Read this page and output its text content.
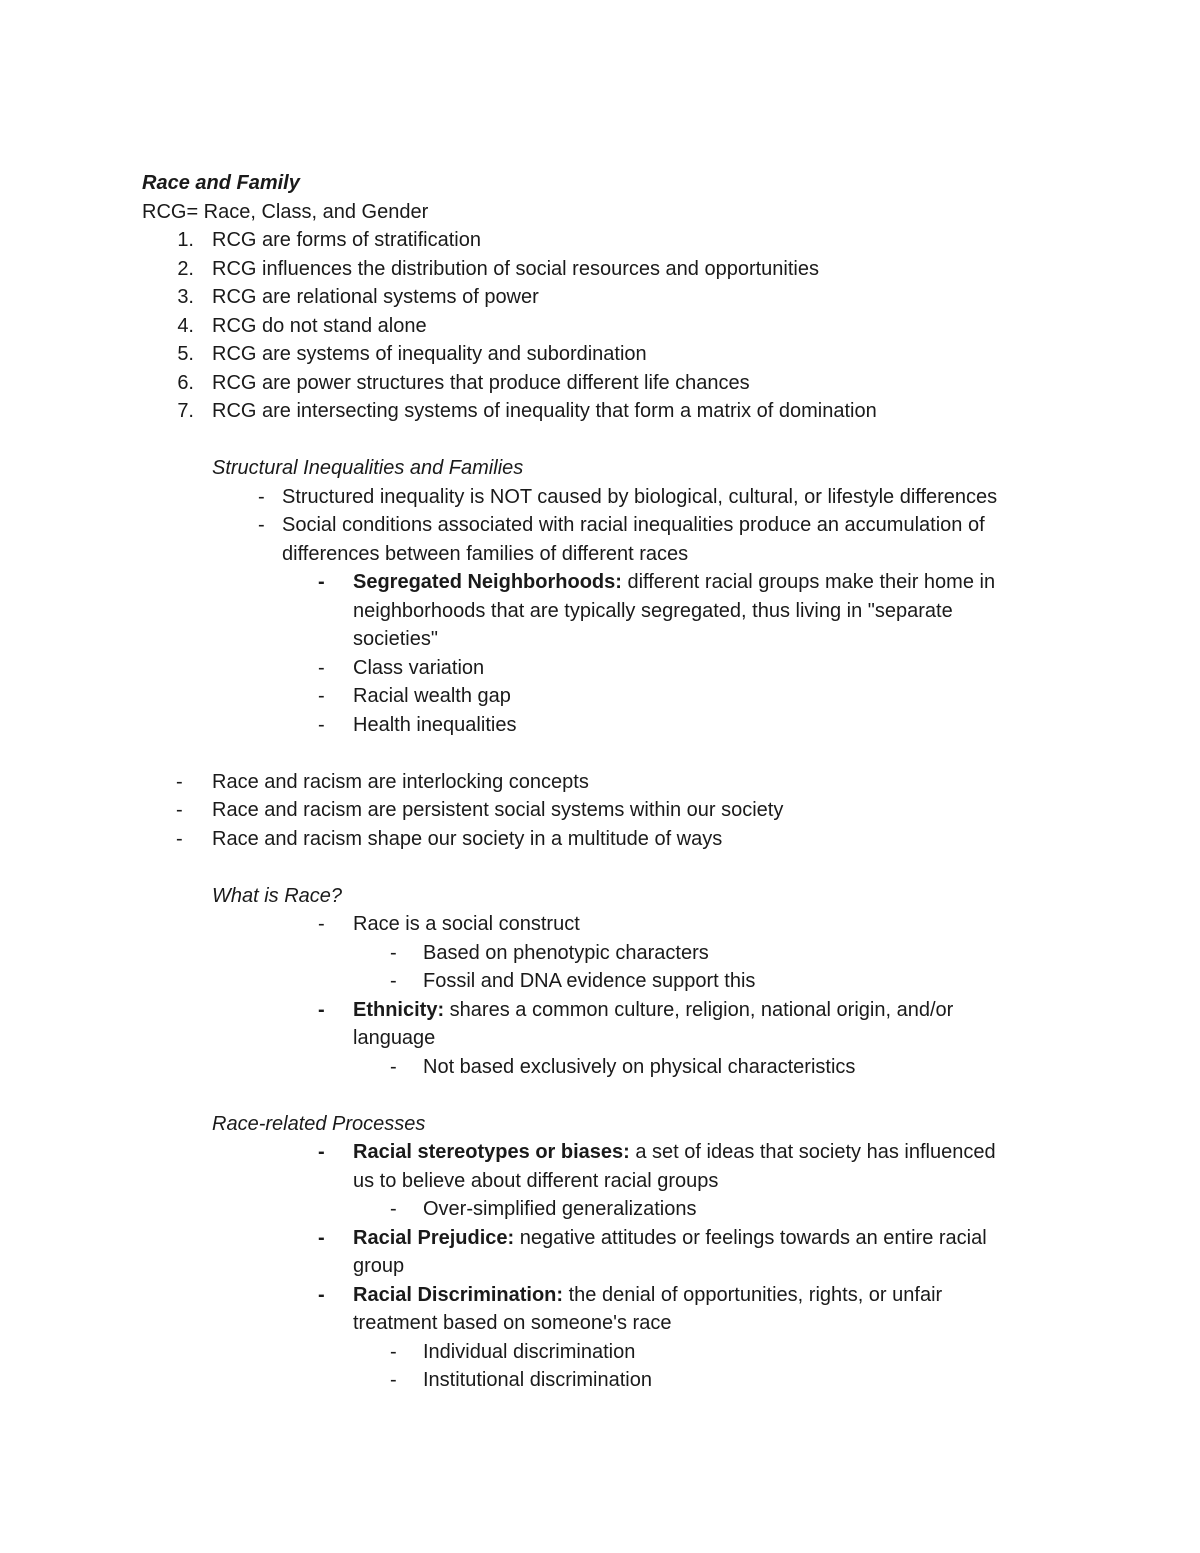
Race and Family
RCG= Race, Class, and Gender
1. RCG are forms of stratification
2. RCG influences the distribution of social resources and opportunities
3. RCG are relational systems of power
4. RCG do not stand alone
5. RCG are systems of inequality and subordination
6. RCG are power structures that produce different life chances
7. RCG are intersecting systems of inequality that form a matrix of domination
Structural Inequalities and Families
- Structured inequality is NOT caused by biological, cultural, or lifestyle differences
- Social conditions associated with racial inequalities produce an accumulation of
differences between families of different races
- Segregated Neighborhoods: different racial groups make their home in
neighborhoods that are typically segregated, thus living in "separate
societies"
- Class variation
- Racial wealth gap
- Health inequalities
- Race and racism are interlocking concepts
- Race and racism are persistent social systems within our society
- Race and racism shape our society in a multitude of ways
What is Race?
- Race is a social construct
- Based on phenotypic characters
- Fossil and DNA evidence support this
- Ethnicity: shares a common culture, religion, national origin, and/or
language
- Not based exclusively on physical characteristics
Race-related Processes
- Racial stereotypes or biases: a set of ideas that society has influenced
us to believe about different racial groups
- Over-simplified generalizations
- Racial Prejudice: negative attitudes or feelings towards an entire racial
group
- Racial Discrimination: the denial of opportunities, rights, or unfair
treatment based on someone's race
- Individual discrimination
- Institutional discrimination
